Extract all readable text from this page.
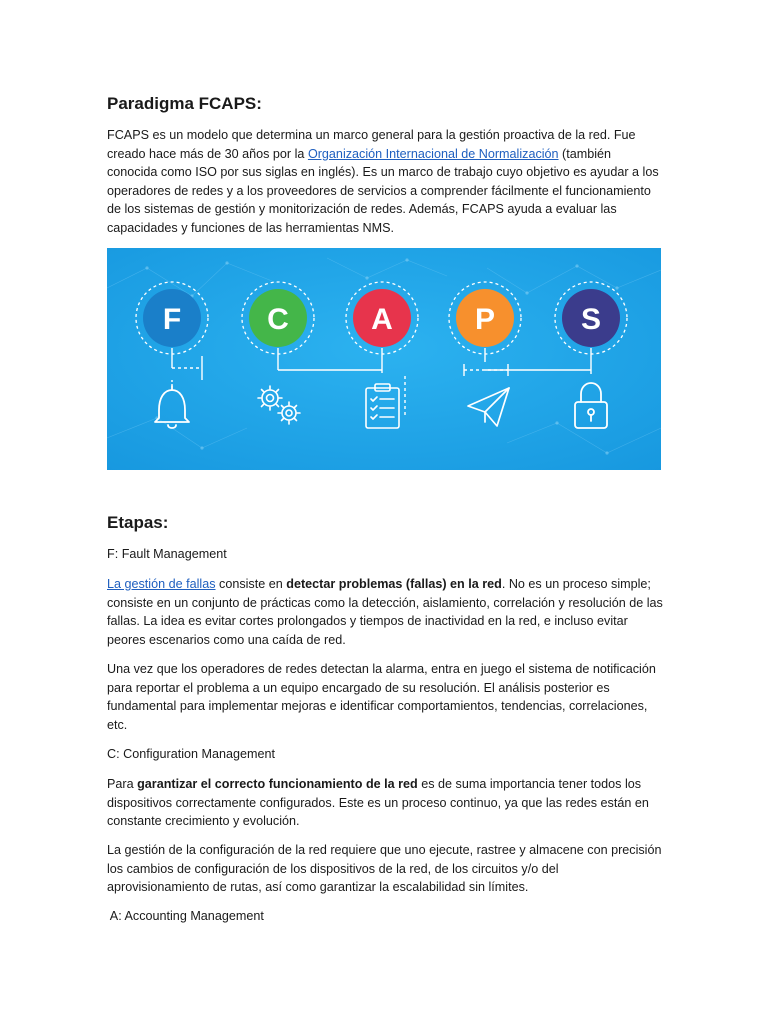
Paradigma FCAPS:

FCAPS es un modelo que determina un marco general para la gestión proactiva de la red. Fue creado hace más de 30 años por la Organización Internacional de Normalización (también conocida como ISO por sus siglas en inglés). Es un marco de trabajo cuyo objetivo es ayudar a los operadores de redes y a los proveedores de servicios a comprender fácilmente el funcionamiento de los sistemas de gestión y monitorización de redes. Además, FCAPS ayuda a evaluar las capacidades y funciones de las herramientas NMS.

F	C	A	P	S
Etapas:

F: Fault Management

La gestión de fallas consiste en detectar problemas (fallas) en la red. No es un proceso simple; consiste en un conjunto de prácticas como la detección, aislamiento, correlación y resolución de las fallas. La idea es evitar cortes prolongados y tiempos de inactividad en la red, e incluso evitar peores escenarios como una caída de red.

Una vez que los operadores de redes detectan la alarma, entra en juego el sistema de notificación para reportar el problema a un equipo encargado de su resolución. El análisis posterior es fundamental para implementar mejoras e identificar comportamientos, tendencias, correlaciones, etc.

C: Configuration Management

Para garantizar el correcto funcionamiento de la red es de suma importancia tener todos los dispositivos correctamente configurados. Este es un proceso continuo, ya que las redes están en constante crecimiento y evolución.

La gestión de la configuración de la red requiere que uno ejecute, rastree y almacene con precisión los cambios de configuración de los dispositivos de la red, de los circuitos y/o del aprovisionamiento de rutas, así como garantizar la escalabilidad sin límites.

A: Accounting Management
